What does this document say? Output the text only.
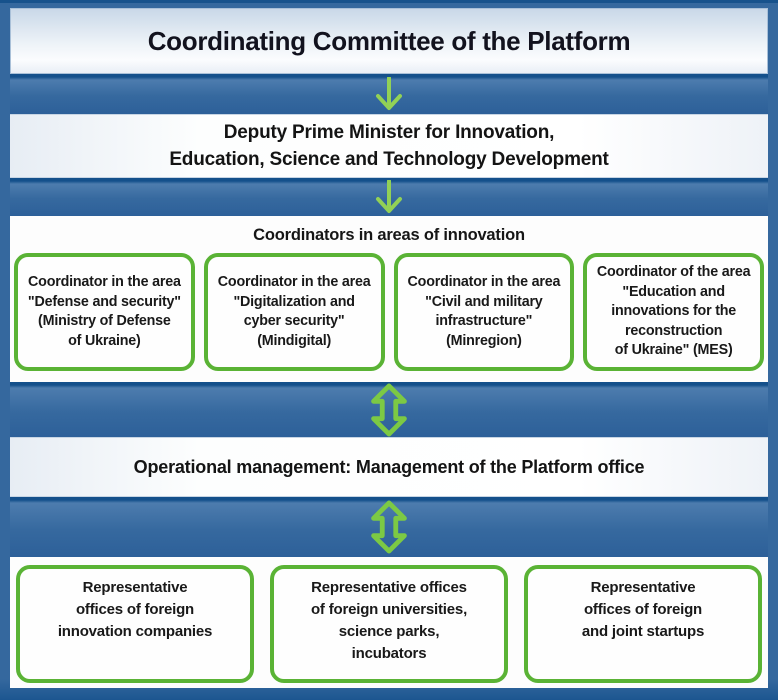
Coordinating Committee of the Platform
Deputy Prime Minister for Innovation,
Education, Science and Technology Development
Coordinators in areas of innovation
Coordinator in the area
"Defense and security"
(Ministry of Defense
of Ukraine)
Coordinator in the area
"Digitalization and
cyber security"
(Mindigital)
Coordinator in the area
"Civil and military
infrastructure"
(Minregion)
Coordinator of the area
"Education and
innovations for the
reconstruction
of Ukraine" (MES)
Operational management: Management of the Platform office
Representative
offices of foreign
innovation companies
Representative offices
of foreign universities,
science parks,
incubators
Representative
offices of foreign
and joint startups
